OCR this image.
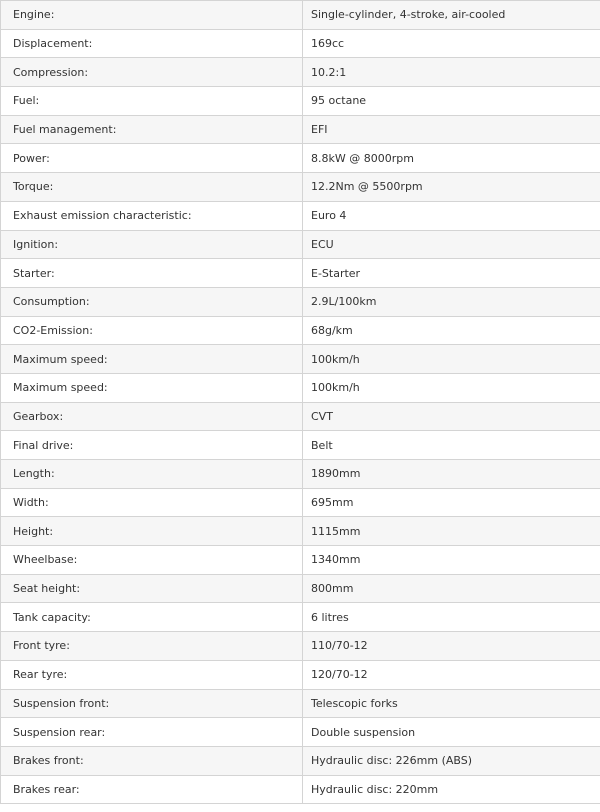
Engine:	Single-cylinder, 4-stroke, air-cooled
Displacement:	169cc
Compression:	10.2:1
Fuel:	95 octane
Fuel management:	EFI
Power:	8.8kW @ 8000rpm
Torque:	12.2Nm @ 5500rpm
Exhaust emission characteristic:	Euro 4
Ignition:	ECU
Starter:	E-Starter
Consumption:	2.9L/100km
CO2-Emission:	68g/km
Maximum speed:	100km/h
Maximum speed:	100km/h
Gearbox:	CVT
Final drive:	Belt
Length:	1890mm
Width:	695mm
Height:	1115mm
Wheelbase:	1340mm
Seat height:	800mm
Tank capacity:	6 litres
Front tyre:	110/70-12
Rear tyre:	120/70-12
Suspension front:	Telescopic forks
Suspension rear:	Double suspension
Brakes front:	Hydraulic disc: 226mm (ABS)
Brakes rear:	Hydraulic disc: 220mm
